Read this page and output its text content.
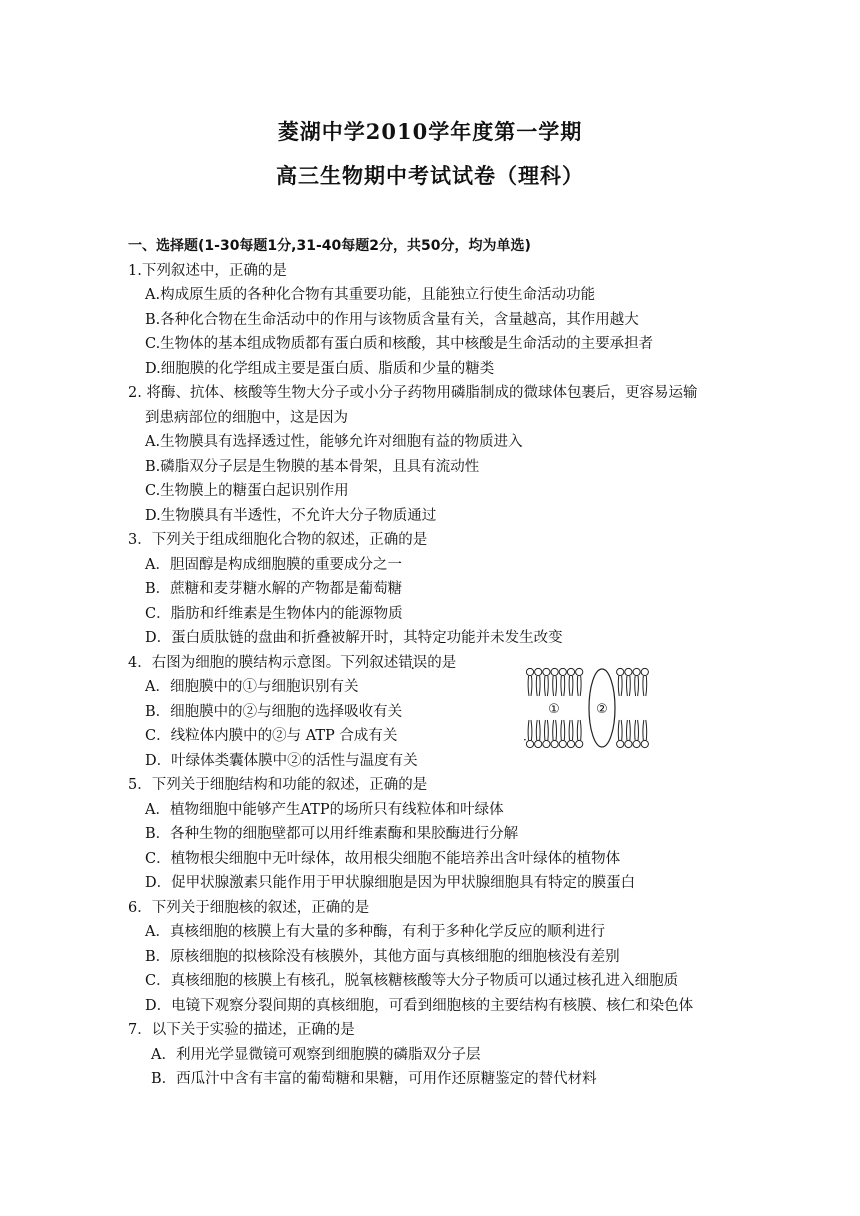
菱湖中学2010学年度第一学期
高三生物期中考试试卷（理科）
一、选择题(1-30每题1分,31-40每题2分，共50分，均为单选)
1.下列叙述中，正确的是
A.构成原生质的各种化合物有其重要功能，且能独立行使生命活动功能
B.各种化合物在生命活动中的作用与该物质含量有关，含量越高，其作用越大
C.生物体的基本组成物质都有蛋白质和核酸，其中核酸是生命活动的主要承担者
D.细胞膜的化学组成主要是蛋白质、脂质和少量的糖类
2. 将酶、抗体、核酸等生物大分子或小分子药物用磷脂制成的微球体包裹后，更容易运输
到患病部位的细胞中，这是因为
A.生物膜具有选择透过性，能够允许对细胞有益的物质进入
B.磷脂双分子层是生物膜的基本骨架，且具有流动性
C.生物膜上的糖蛋白起识别作用
D.生物膜具有半透性，不允许大分子物质通过
3．下列关于组成细胞化合物的叙述，正确的是
A．胆固醇是构成细胞膜的重要成分之一
B．蔗糖和麦芽糖水解的产物都是葡萄糖
C．脂肪和纤维素是生物体内的能源物质
D．蛋白质肽链的盘曲和折叠被解开时，其特定功能并未发生改变
4．右图为细胞的膜结构示意图。下列叙述错误的是
A．细胞膜中的①与细胞识别有关
B．细胞膜中的②与细胞的选择吸收有关
C．线粒体内膜中的②与 ATP 合成有关
D．叶绿体类囊体膜中②的活性与温度有关
5．下列关于细胞结构和功能的叙述，正确的是
A．植物细胞中能够产生ATP的场所只有线粒体和叶绿体
B．各种生物的细胞壁都可以用纤维素酶和果胶酶进行分解
C．植物根尖细胞中无叶绿体，故用根尖细胞不能培养出含叶绿体的植物体
D．促甲状腺激素只能作用于甲状腺细胞是因为甲状腺细胞具有特定的膜蛋白
6．下列关于细胞核的叙述，正确的是
A．真核细胞的核膜上有大量的多种酶，有利于多种化学反应的顺利进行
B．原核细胞的拟核除没有核膜外，其他方面与真核细胞的细胞核没有差别
C．真核细胞的核膜上有核孔，脱氧核糖核酸等大分子物质可以通过核孔进入细胞质
D．电镜下观察分裂间期的真核细胞，可看到细胞核的主要结构有核膜、核仁和染色体
7．以下关于实验的描述，正确的是
A．利用光学显微镜可观察到细胞膜的磷脂双分子层
B．西瓜汁中含有丰富的葡萄糖和果糖，可用作还原糖鉴定的替代材料
①	②
·
